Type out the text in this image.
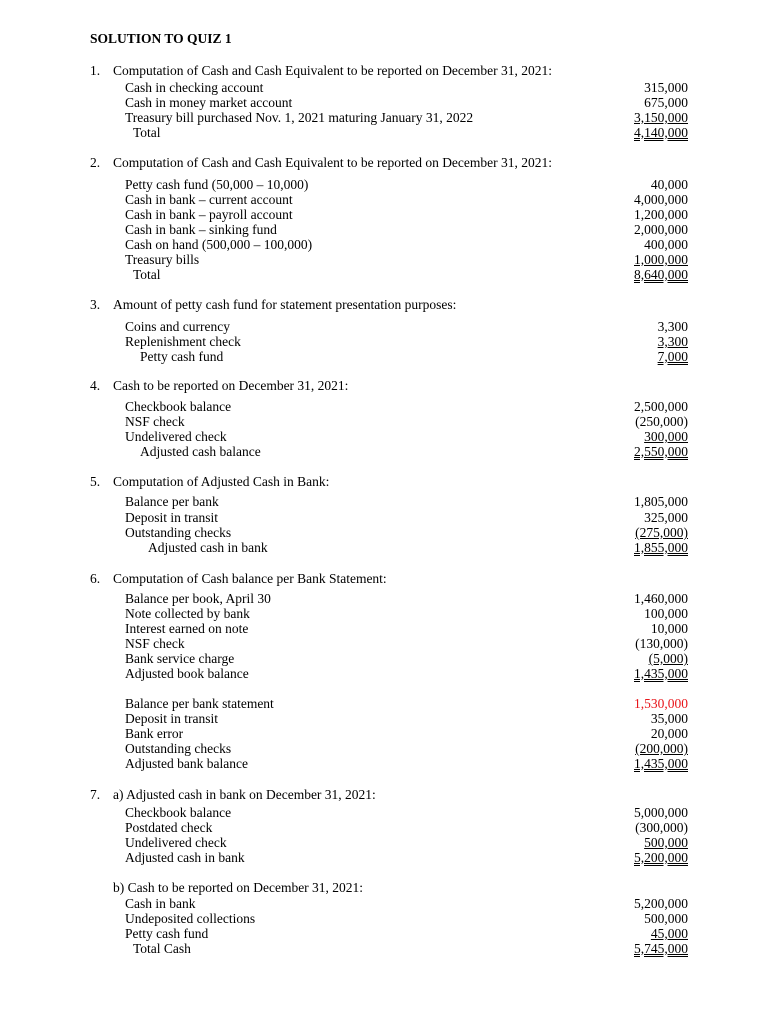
SOLUTION TO QUIZ 1
1. Computation of Cash and Cash Equivalent to be reported on December 31, 2021:
Cash in checking account	315,000
Cash in money market account	675,000
Treasury bill purchased Nov. 1, 2021 maturing January 31, 2022	3,150,000
Total	4,140,000
2. Computation of Cash and Cash Equivalent to be reported on December 31, 2021:
Petty cash fund (50,000 – 10,000)	40,000
Cash in bank – current account	4,000,000
Cash in bank – payroll account	1,200,000
Cash in bank – sinking fund	2,000,000
Cash on hand (500,000 – 100,000)	400,000
Treasury bills	1,000,000
Total	8,640,000
3. Amount of petty cash fund for statement presentation purposes:
Coins and currency	3,300
Replenishment check	3,300
Petty cash fund	7,000
4. Cash to be reported on December 31, 2021:
Checkbook balance	2,500,000
NSF check	(250,000)
Undelivered check	300,000
Adjusted cash balance	2,550,000
5. Computation of Adjusted Cash in Bank:
Balance per bank	1,805,000
Deposit in transit	325,000
Outstanding checks	(275,000)
Adjusted cash in bank	1,855,000
6. Computation of Cash balance per Bank Statement:
Balance per book, April 30	1,460,000
Note collected by bank	100,000
Interest earned on note	10,000
NSF check	(130,000)
Bank service charge	(5,000)
Adjusted book balance	1,435,000
Balance per bank statement	1,530,000
Deposit in transit	35,000
Bank error	20,000
Outstanding checks	(200,000)
Adjusted bank balance	1,435,000
7. a) Adjusted cash in bank on December 31, 2021:
Checkbook balance	5,000,000
Postdated check	(300,000)
Undelivered check	500,000
Adjusted cash in bank	5,200,000
b) Cash to be reported on December 31, 2021:
Cash in bank	5,200,000
Undeposited collections	500,000
Petty cash fund	45,000
Total Cash	5,745,000
